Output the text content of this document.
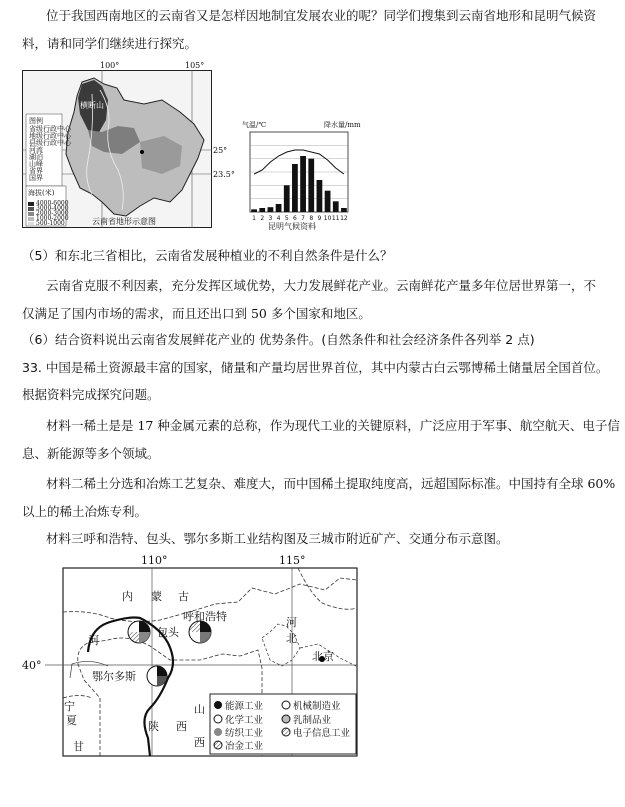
位于我国西南地区的云南省又是怎样因地制宜发展农业的呢？同学们搜集到云南省地形和昆明气候资
料，请和同学们继续进行探究。
100°	105°
25°
23.5°
横断山
图例
省级行政中心
地级行政中心
县级行政中心
河流
湖泊
山峰
省界
国界
海拔(米)
4000-6000
3000-4000
2000-3000
1000-2000
500-1000	云南省地形示意图
气温/℃	降水量/mm
1 2 3 4 5 6 7 8 9 10 11 12
昆明气候资料
（5）和东北三省相比，云南省发展种植业的不利自然条件是什么？
云南省克服不利因素，充分发挥区域优势，大力发展鲜花产业。云南鲜花产量多年位居世界第一，不
仅满足了国内市场的需求，而且还出口到 50 多个国家和地区。
（6）结合资料说出云南省发展鲜花产业的 优势条件。(自然条件和社会经济条件各列举 2 点)
33. 中国是稀土资源最丰富的国家，储量和产量均居世界首位，其中内蒙古白云鄂博稀土储量居全国首位。
根据资料完成探究问题。
材料一稀土是是 17 种金属元素的总称，作为现代工业的关键原料，广泛应用于军事、航空航天、电子信
息、新能源等多个领域。
材料二稀土分选和冶炼工艺复杂、难度大，而中国稀土提取纯度高，远超国际标准。中国持有全球 60%
以上的稀土冶炼专利。
材料三呼和浩特、包头、鄂尔多斯工业结构图及三城市附近矿产、交通分布示意图。
110°	115°
40°
内 蒙 古
河
北
河
山
西
陕 西
宁
夏
甘
呼和浩特
包头
鄂尔多斯
北京
能源工业
化学工业
纺织工业
冶金工业
机械制造业
乳制品业
电子信息工业
